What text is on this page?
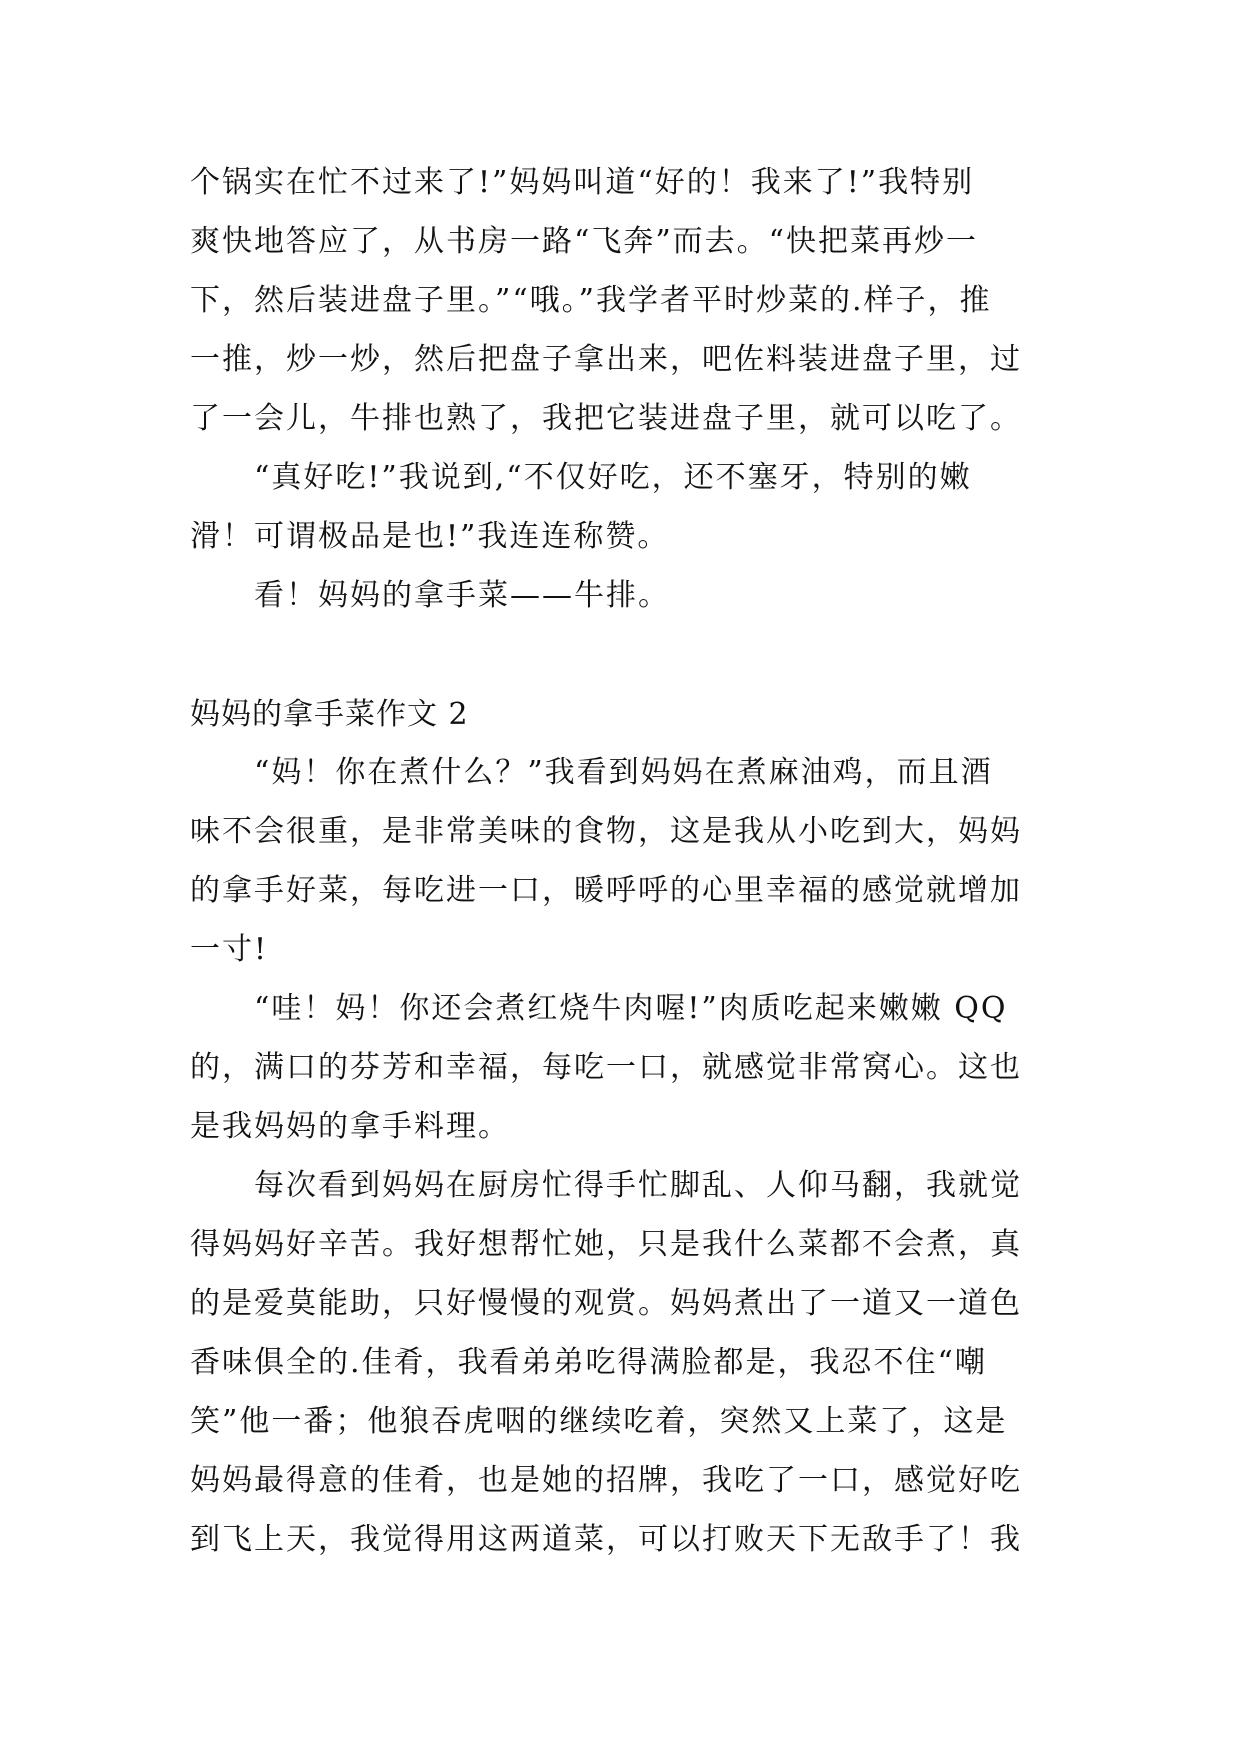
个锅实在忙不过来了!”妈妈叫道“好的！我来了!”我特别
爽快地答应了，从书房一路“飞奔”而去。“快把菜再炒一
下，然后装进盘子里。”“哦。”我学者平时炒菜的.样子，推
一推，炒一炒，然后把盘子拿出来，吧佐料装进盘子里，过
了一会儿，牛排也熟了，我把它装进盘子里，就可以吃了。
“真好吃!”我说到,“不仅好吃，还不塞牙，特别的嫩
滑！可谓极品是也!”我连连称赞。
看！妈妈的拿手菜——牛排。
妈妈的拿手菜作文 2
“妈！你在煮什么？”我看到妈妈在煮麻油鸡，而且酒
味不会很重，是非常美味的食物，这是我从小吃到大，妈妈
的拿手好菜，每吃进一口，暖呼呼的心里幸福的感觉就增加
一寸!
“哇！妈！你还会煮红烧牛肉喔!”肉质吃起来嫩嫩 QQ
的，满口的芬芳和幸福，每吃一口，就感觉非常窝心。这也
是我妈妈的拿手料理。
每次看到妈妈在厨房忙得手忙脚乱、人仰马翻，我就觉
得妈妈好辛苦。我好想帮忙她，只是我什么菜都不会煮，真
的是爱莫能助，只好慢慢的观赏。妈妈煮出了一道又一道色
香味俱全的.佳肴，我看弟弟吃得满脸都是，我忍不住“嘲
笑”他一番；他狼吞虎咽的继续吃着，突然又上菜了，这是
妈妈最得意的佳肴，也是她的招牌，我吃了一口，感觉好吃
到飞上天，我觉得用这两道菜，可以打败天下无敌手了！我
